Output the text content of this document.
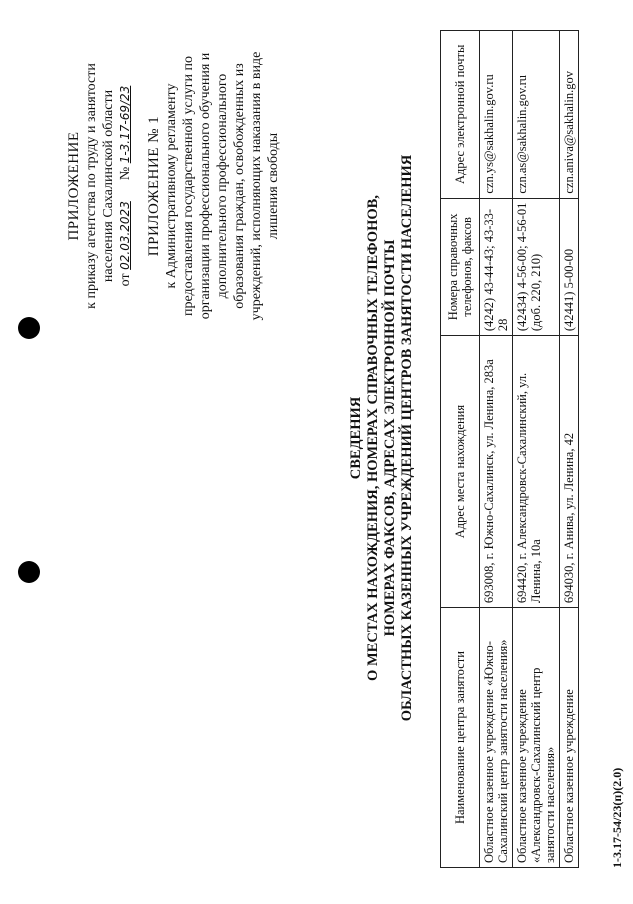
ПРИЛОЖЕНИЕ к приказу агентства по труду и занятости населения Сахалинской области от 02.03.2023      № 1-3.17-69/23 ПРИЛОЖЕНИЕ № 1 к Административному регламенту предоставления государственной услуги по организации профессионального обучения и дополнительного профессионального образования граждан, освобожденных из учреждений, исполняющих наказания в виде лишения свободы
СВЕДЕНИЯ О МЕСТАХ НАХОЖДЕНИЯ, НОМЕРАХ СПРАВОЧНЫХ ТЕЛЕФОНОВ, НОМЕРАХ ФАКСОВ, АДРЕСАХ ЭЛЕКТРОННОЙ ПОЧТЫ ОБЛАСТНЫХ КАЗЕННЫХ УЧРЕЖДЕНИЙ ЦЕНТРОВ ЗАНЯТОСТИ НАСЕЛЕНИЯ
Наименование центра занятости	Адрес места нахождения	Номера справочных телефонов, факсов	Адрес электронной почты
Областное казенное учреждение «Южно-Сахалинский центр занятости населения»	693008, г. Южно-Сахалинск, ул. Ленина, 283а	(4242) 43-44-43; 43-33-28	czn.ys@sakhalin.gov.ru
Областное казенное учреждение «Александровск-Сахалинский центр занятости населения»	694420, г. Александровск-Сахалинский, ул. Ленина, 10а	(42434) 4-56-00; 4-56-01 (доб. 220, 210)	czn.as@sakhalin.gov.ru
Областное казенное учреждение	694030, г. Анива, ул. Ленина, 42	(42441) 5-00-00	czn.aniva@sakhalin.gov
1-3.17-54/23(п)(2.0)
